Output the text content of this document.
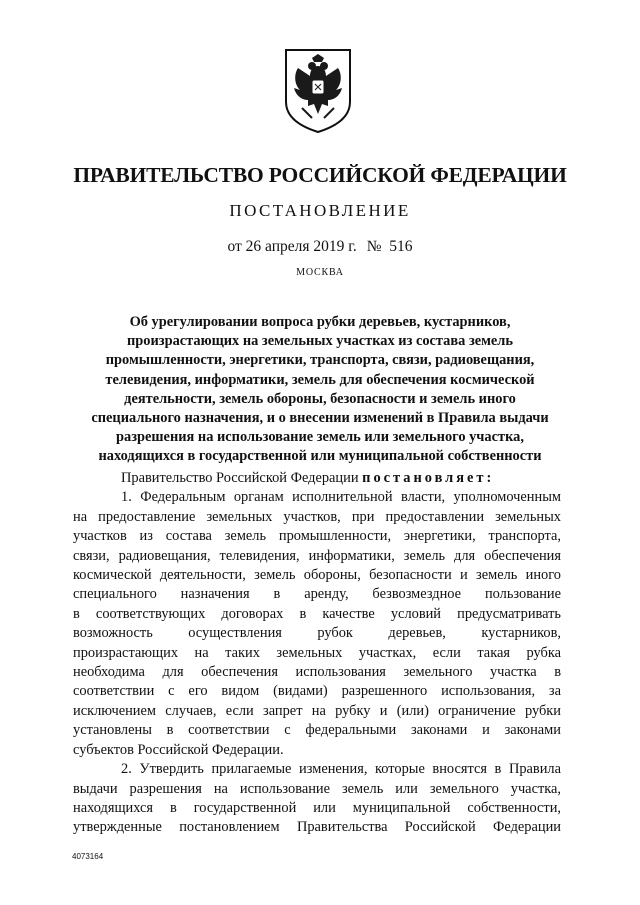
ПРАВИТЕЛЬСТВО РОССИЙСКОЙ ФЕДЕРАЦИИ
ПОСТАНОВЛЕНИЕ
от 26 апреля 2019 г. №  516
МОСКВА
Об урегулировании вопроса рубки деревьев, кустарников,
произрастающих на земельных участках из состава земель
промышленности, энергетики, транспорта, связи, радиовещания,
телевидения, информатики, земель для обеспечения космической
деятельности, земель обороны, безопасности и земель иного
специального назначения, и о внесении изменений в Правила выдачи
разрешения на использование земель или земельного участка,
находящихся в государственной или муниципальной собственности
Правительство Российской Федерации постановляет:
1. Федеральным органам исполнительной власти, уполномоченным
на предоставление земельных участков, при предоставлении земельных
участков из состава земель промышленности, энергетики, транспорта,
связи, радиовещания, телевидения, информатики, земель для обеспечения
космической деятельности, земель обороны, безопасности и земель иного
специального назначения в аренду, безвозмездное пользование
в соответствующих договорах в качестве условий предусматривать
возможность осуществления рубок деревьев, кустарников,
произрастающих на таких земельных участках, если такая рубка
необходима для обеспечения использования земельного участка в
соответствии с его видом (видами) разрешенного использования, за
исключением случаев, если запрет на рубку и (или) ограничение рубки
установлены в соответствии с федеральными законами и законами
субъектов Российской Федерации.
2. Утвердить прилагаемые изменения, которые вносятся в Правила
выдачи разрешения на использование земель или земельного участка,
находящихся в государственной или муниципальной собственности,
утвержденные постановлением Правительства Российской Федерации
4073164
